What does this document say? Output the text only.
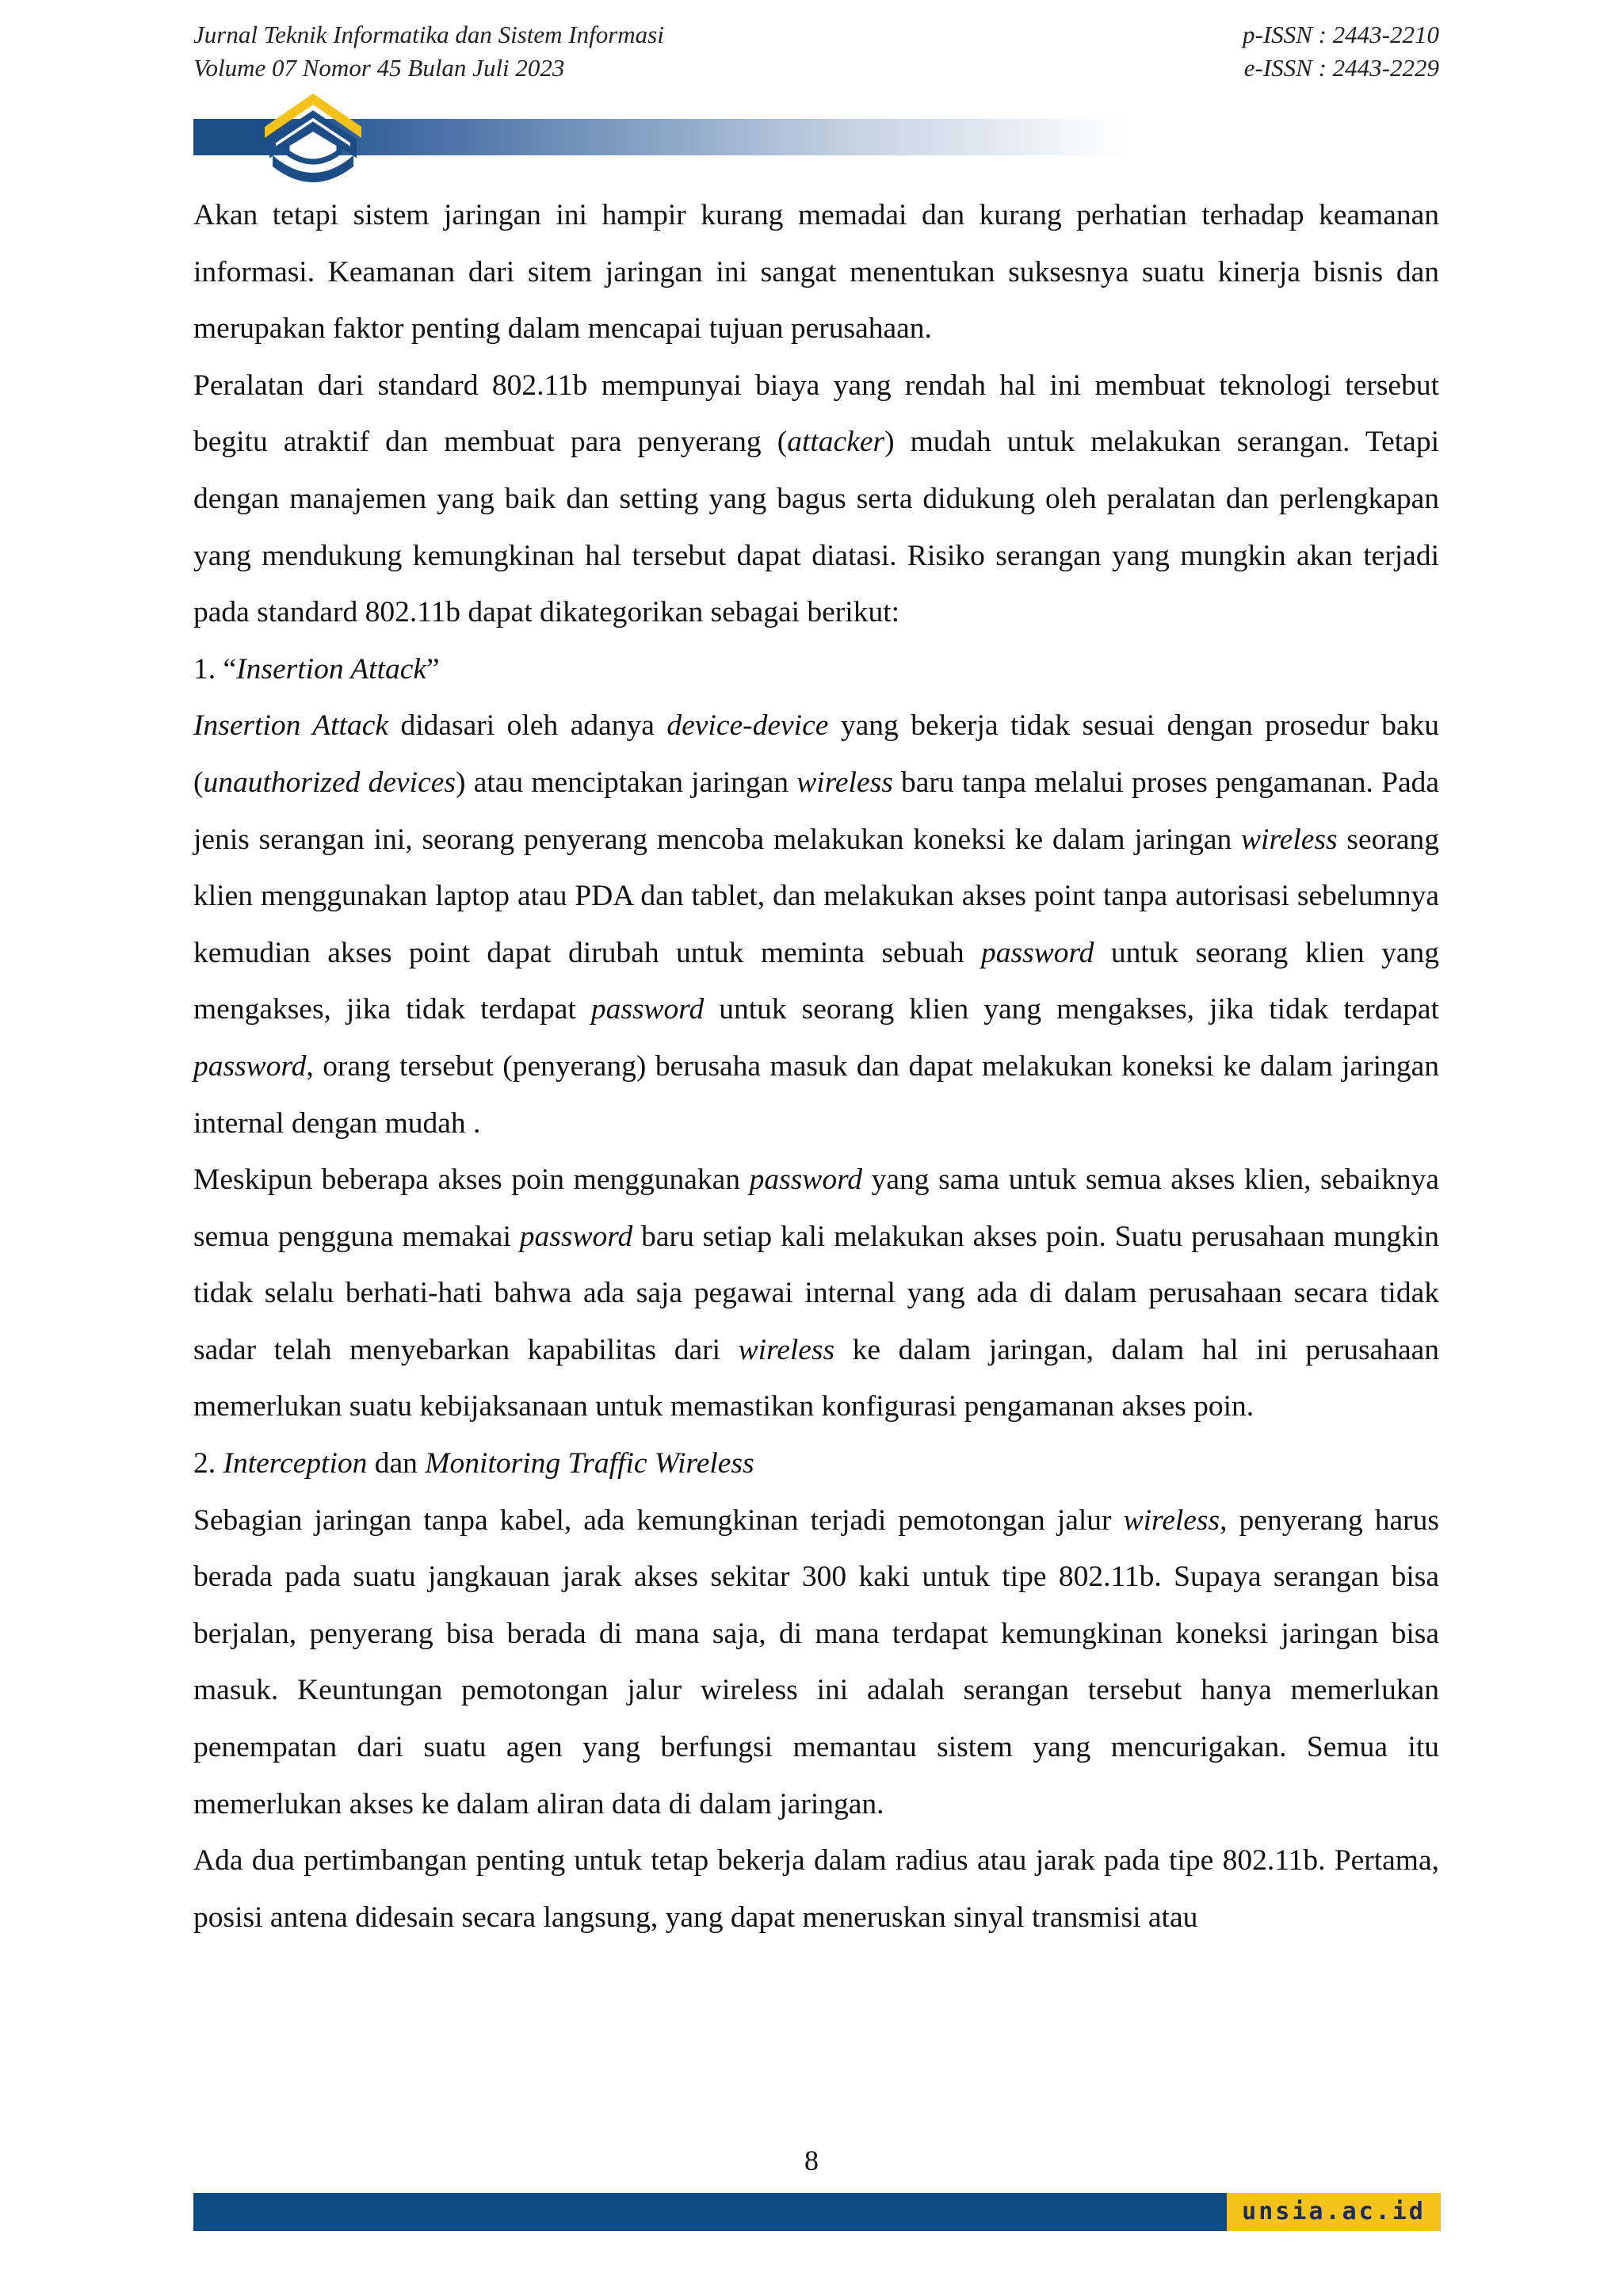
Jurnal Teknik Informatika dan Sistem Informasi
Volume 07 Nomor 45 Bulan Juli 2023
p-ISSN : 2443-2210
e-ISSN : 2443-2229

Akan tetapi sistem jaringan ini hampir kurang memadai dan kurang perhatian terhadap keamanan informasi. Keamanan dari sitem jaringan ini sangat menentukan suksesnya suatu kinerja bisnis dan merupakan faktor penting dalam mencapai tujuan perusahaan.

Peralatan dari standard 802.11b mempunyai biaya yang rendah hal ini membuat teknologi tersebut begitu atraktif dan membuat para penyerang (attacker) mudah untuk melakukan serangan. Tetapi dengan manajemen yang baik dan setting yang bagus serta didukung oleh peralatan dan perlengkapan yang mendukung kemungkinan hal tersebut dapat diatasi. Risiko serangan yang mungkin akan terjadi pada standard 802.11b dapat dikategorikan sebagai berikut:

1. “Insertion Attack”

Insertion Attack didasari oleh adanya device-device yang bekerja tidak sesuai dengan prosedur baku (unauthorized devices) atau menciptakan jaringan wireless baru tanpa melalui proses pengamanan. Pada jenis serangan ini, seorang penyerang mencoba melakukan koneksi ke dalam jaringan wireless seorang klien menggunakan laptop atau PDA dan tablet, dan melakukan akses point tanpa autorisasi sebelumnya kemudian akses point dapat dirubah untuk meminta sebuah password untuk seorang klien yang mengakses, jika tidak terdapat password untuk seorang klien yang mengakses, jika tidak terdapat password, orang tersebut (penyerang) berusaha masuk dan dapat melakukan koneksi ke dalam jaringan internal dengan mudah .

Meskipun beberapa akses poin menggunakan password yang sama untuk semua akses klien, sebaiknya semua pengguna memakai password baru setiap kali melakukan akses poin. Suatu perusahaan mungkin tidak selalu berhati-hati bahwa ada saja pegawai internal yang ada di dalam perusahaan secara tidak sadar telah menyebarkan kapabilitas dari wireless ke dalam jaringan, dalam hal ini perusahaan memerlukan suatu kebijaksanaan untuk memastikan konfigurasi pengamanan akses poin.

2. Interception dan Monitoring Traffic Wireless

Sebagian jaringan tanpa kabel, ada kemungkinan terjadi pemotongan jalur wireless, penyerang harus berada pada suatu jangkauan jarak akses sekitar 300 kaki untuk tipe 802.11b. Supaya serangan bisa berjalan, penyerang bisa berada di mana saja, di mana terdapat kemungkinan koneksi jaringan bisa masuk. Keuntungan pemotongan jalur wireless ini adalah serangan tersebut hanya memerlukan penempatan dari suatu agen yang berfungsi memantau sistem yang mencurigakan. Semua itu memerlukan akses ke dalam aliran data di dalam jaringan.

Ada dua pertimbangan penting untuk tetap bekerja dalam radius atau jarak pada tipe 802.11b. Pertama, posisi antena didesain secara langsung, yang dapat meneruskan sinyal transmisi atau

8
unsia.ac.id
